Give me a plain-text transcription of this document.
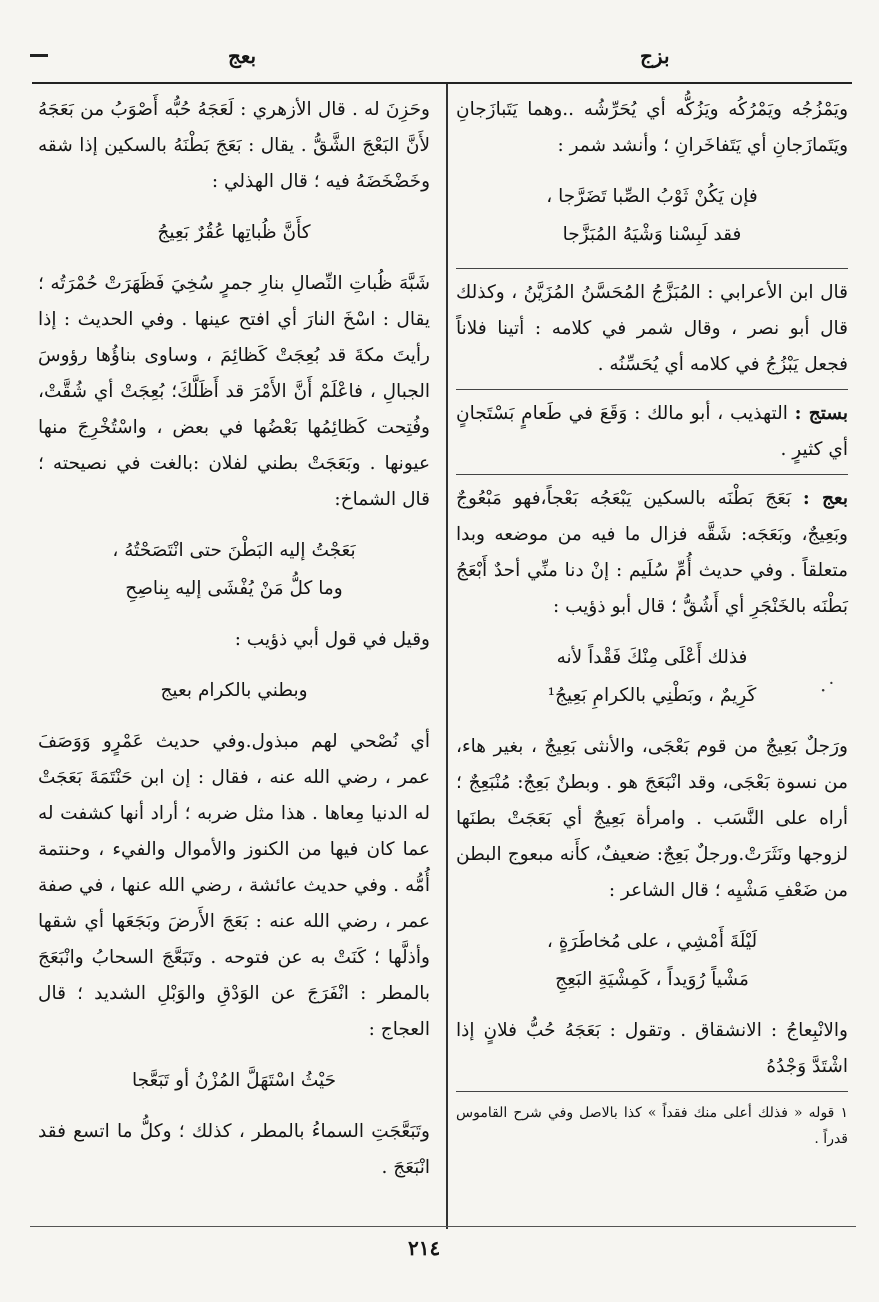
بعج	بزج

ويَمْزُجُه ويَمْرُكُه ويَزُكُّه أي يُحَرِّشُه ..وهما يَتَبازَجانِ ويَتَمازَجانِ أي يَتَفاخَرانِ ؛ وأنشد شمر :

فإن يَكُنْ ثَوْبُ الصِّبا تَضَرَّجا ،
فقد لَبِسْنا وَشْيَهُ المُبَزَّجا

قال ابن الأعرابي : المُبَزَّجُ المُحَسَّنُ المُزَيَّنُ ، وكذلك قال أبو نصر ، وقال شمر في كلامه : أتينا فلاناً فجعل يَبْزُجُ في كلامه أي يُحَسِّنُه .

بستج : التهذيب ، أبو مالك : وَقَعَ في طَعامٍ بَسْتَجانٍ أي كثيرٍ .

بعج : بَعَجَ بَطْنَه بالسكين يَبْعَجُه بَعْجاً،فهو مَبْعُوجٌ وبَعِيجٌ، وبَعَجَه: شَقَّه فزال ما فيه من موضعه وبدا متعلقاً . وفي حديث أُمِّ سُلَيم : إنْ دنا منِّي أحدٌ أَبْعَجُ بَطْنَه بالخَنْجَرِ أي أَشُقُّ ؛ قال أبو ذؤيب :

فذلك أَعْلَى مِنْكَ فَقْداً لأنه
كَرِيمٌ ، وبَطْنِي بالكرامِ بَعِيجُ¹

ورَجلٌ بَعِيجٌ من قوم بَعْجَى، والأنثى بَعِيجٌ ، بغير هاء، من نسوة بَعْجَى، وقد انْبَعَجَ هو . وبطنٌ بَعِجٌ: مُنْبَعِجٌ ؛ أراه على النَّسَب . وامرأة بَعِيجٌ أي بَعَجَتْ بطنَها لزوجها ونَثَرَتْ.ورجلٌ بَعِجٌ: ضعيفٌ، كأَنه مبعوج البطن من ضَعْفِ مَشْيِه ؛ قال الشاعر :

لَيْلَةَ أَمْشِي ، على مُخاطَرَةٍ ،
مَشْياً رُوَيداً ، كَمِشْيَةِ البَعِجِ

والانْبِعاجُ : الانشقاق . وتقول : بَعَجَهُ حُبُّ فلانٍ إذا اشْتَدَّ وَجْدُهُ

١ قوله « فذلك أعلى منك فقداً » كذا بالاصل وفي شرح القاموس قدراً .

وحَزِنَ له . قال الأزهري : لَعَجَهُ حُبُّه أَصْوَبُ من بَعَجَهُ لأَنَّ البَعْجَ الشَّقُّ . يقال : بَعَجَ بَطْنَهُ بالسكين إذا شقه وخَضْخَضَهُ فيه ؛ قال الهذلي :

كأَنَّ ظُباتِها عُقُرٌ بَعِيجُ

شَبَّهَ ظُباتِ النِّصالِ بنارِ جمرٍ سُخِيَ فَظَهَرَتْ حُمْرَتُه ؛ يقال : اسْخَ النارَ أي افتح عينها . وفي الحديث : إذا رأيتَ مكةَ قد بُعِجَتْ كَظائِمَ ، وساوى بناؤُها رؤوسَ الجبالِ ، فاعْلَمْ أَنَّ الأَمْرَ قد أَظَلَّكَ؛ بُعِجَتْ أي شُقَّتْ، وفُتِحت كَظائِمُها بَعْضُها في بعض ، واسْتُخْرِجَ منها عيونها . وبَعَجَتْ بطني لفلان :بالغت في نصيحته ؛ قال الشماخ:

بَعَجْتُ إليه البَطْنَ حتى انْتَصَحْتُهُ ،
وما كلُّ مَنْ يُفْشَى إليه بِناصِحِ

وقيل في قول أبي ذؤيب :

وبطني بالكرام بعيج

أي نُصْحي لهم مبذول.وفي حديث عَمْرٍو وَوَصَفَ عمر ، رضي الله عنه ، فقال : إن ابن حَنْتَمَةَ بَعَجَتْ له الدنيا مِعاها . هذا مثل ضربه ؛ أراد أنها كشفت له عما كان فيها من الكنوز والأموال والفيء ، وحنتمة أُمُّه . وفي حديث عائشة ، رضي الله عنها ، في صفة عمر ، رضي الله عنه : بَعَجَ الأَرضَ وبَجَعَها أي شقها وأذلَّها ؛ كَنَتْ به عن فتوحه . وتَبَعَّجَ السحابُ وانْبَعَجَ بالمطر : انْفَرَجَ عن الوَدْقِ والوَبْلِ الشديد ؛ قال العجاج :

حَيْثُ اسْتَهَلَّ المُزْنُ أو تَبَعَّجا

وتَبَعَّجَتِ السماءُ بالمطر ، كذلك ؛ وكلُّ ما اتسع فقد انْبَعَجَ .

·˙
٢١٤
